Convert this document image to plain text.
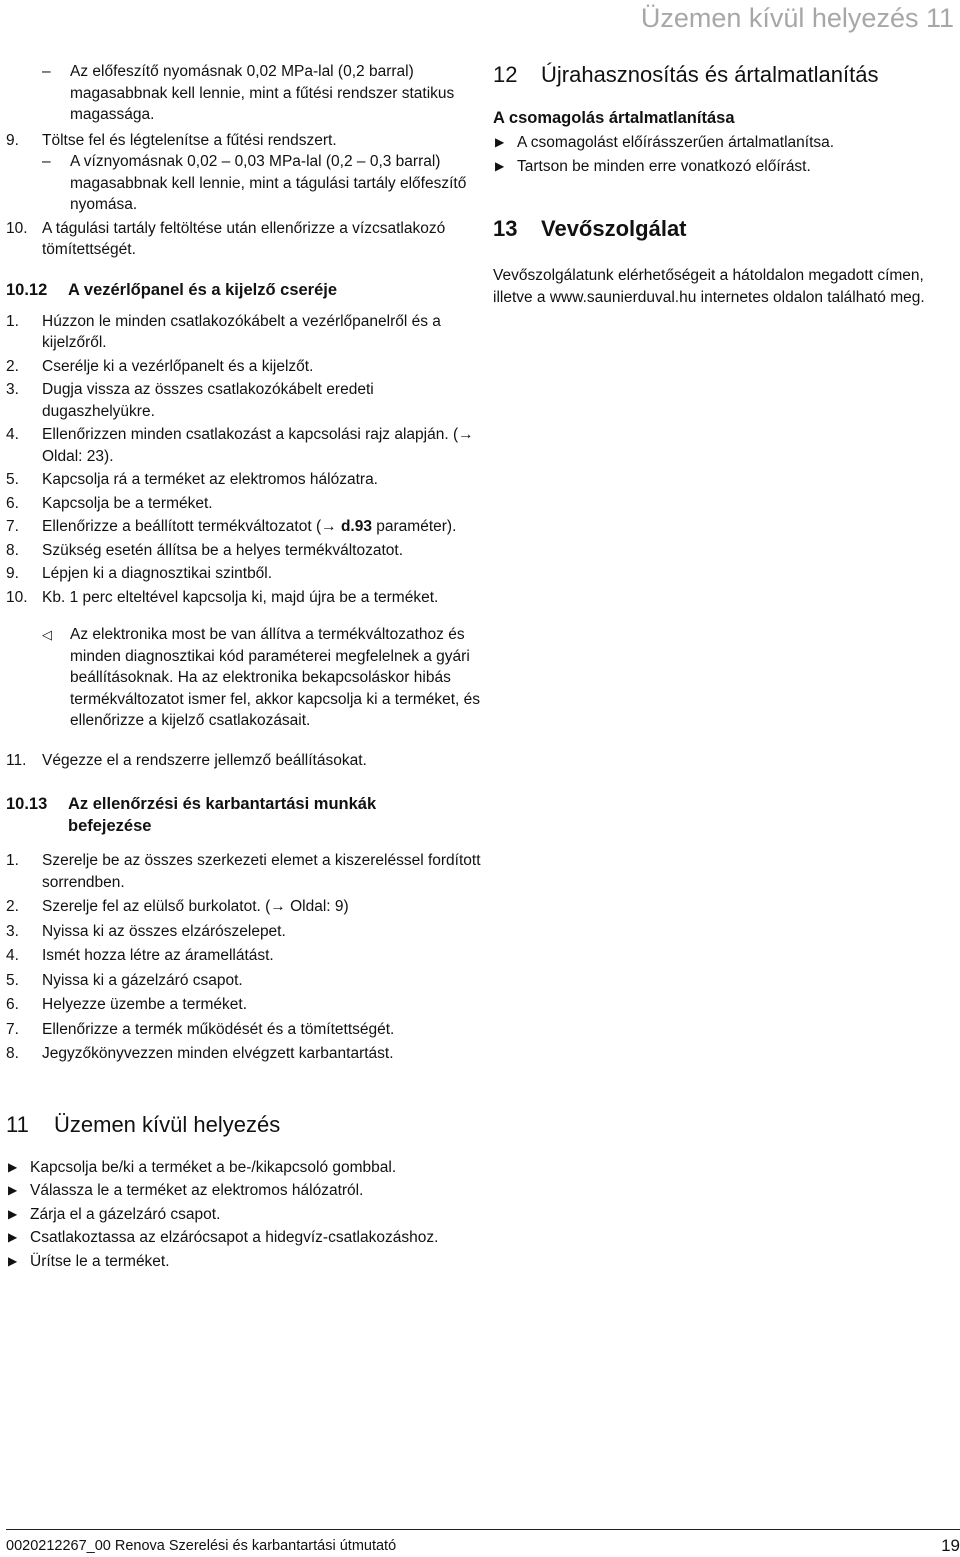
Üzemen kívül helyezés 11
– Az előfeszítő nyomásnak 0,02 MPa-lal (0,2 barral) magasabbnak kell lennie, mint a fűtési rendszer statikus magassága.
9. Töltse fel és légtelenítse a fűtési rendszert.
– A víznyomásnak 0,02 – 0,03 MPa-lal (0,2 – 0,3 barral) magasabbnak kell lennie, mint a tágulási tartály előfeszítő nyomása.
10. A tágulási tartály feltöltése után ellenőrizze a vízcsatlakozó tömítettségét.
10.12	A vezérlőpanel és a kijelző cseréje
1. Húzzon le minden csatlakozókábelt a vezérlőpanelről és a kijelzőről.
2. Cserélje ki a vezérlőpanelt és a kijelzőt.
3. Dugja vissza az összes csatlakozókábelt eredeti dugaszhelyükre.
4. Ellenőrizzen minden csatlakozást a kapcsolási rajz alapján. (→ Oldal: 23).
5. Kapcsolja rá a terméket az elektromos hálózatra.
6. Kapcsolja be a terméket.
7. Ellenőrizze a beállított termékváltozatot (→ d.93 paraméter).
8. Szükség esetén állítsa be a helyes termékváltozatot.
9. Lépjen ki a diagnosztikai szintből.
10. Kb. 1 perc elteltével kapcsolja ki, majd újra be a terméket.
◁ Az elektronika most be van állítva a termékváltozathoz és minden diagnosztikai kód paraméterei megfelelnek a gyári beállításoknak. Ha az elektronika bekapcsoláskor hibás termékváltozatot ismer fel, akkor kapcsolja ki a terméket, és ellenőrizze a kijelző csatlakozásait.
11. Végezze el a rendszerre jellemző beállításokat.
10.13	Az ellenőrzési és karbantartási munkák befejezése
1. Szerelje be az összes szerkezeti elemet a kiszereléssel fordított sorrendben.
2. Szerelje fel az elülső burkolatot. (→ Oldal: 9)
3. Nyissa ki az összes elzárószelepet.
4. Ismét hozza létre az áramellátást.
5. Nyissa ki a gázelzáró csapot.
6. Helyezze üzembe a terméket.
7. Ellenőrizze a termék működését és a tömítettségét.
8. Jegyzőkönyvezzen minden elvégzett karbantartást.
11	Üzemen kívül helyezés
▶ Kapcsolja be/ki a terméket a be-/kikapcsoló gombbal.
▶ Válassza le a terméket az elektromos hálózatról.
▶ Zárja el a gázelzáró csapot.
▶ Csatlakoztassa az elzárócsapot a hidegvíz-csatlakozáshoz.
▶ Ürítse le a terméket.
12	Újrahasznosítás és ártalmatlanítás
A csomagolás ártalmatlanítása
▶ A csomagolást előírásszerűen ártalmatlanítsa.
▶ Tartson be minden erre vonatkozó előírást.
13	Vevőszolgálat
Vevőszolgálatunk elérhetőségeit a hátoldalon megadott címen, illetve a www.saunierduval.hu internetes oldalon található meg.
0020212267_00 Renova Szerelési és karbantartási útmutató	19
